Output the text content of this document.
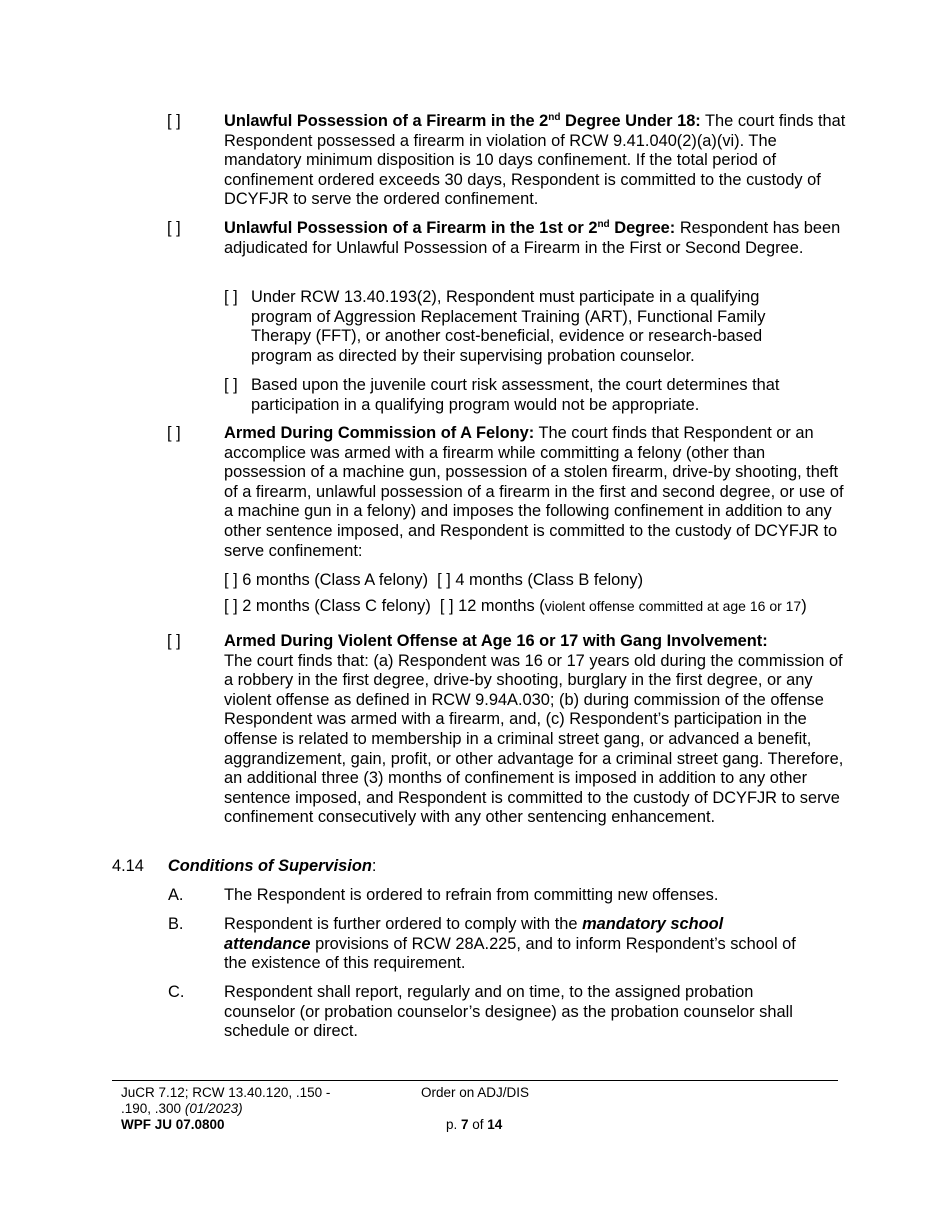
[ ]	Unlawful Possession of a Firearm in the 2nd Degree Under 18: The court finds that Respondent possessed a firearm in violation of RCW 9.41.040(2)(a)(vi). The mandatory minimum disposition is 10 days confinement. If the total period of confinement ordered exceeds 30 days, Respondent is committed to the custody of DCYFJR to serve the ordered confinement.
[ ]	Unlawful Possession of a Firearm in the 1st or 2nd Degree: Respondent has been adjudicated for Unlawful Possession of a Firearm in the First or Second Degree.
[ ] Under RCW 13.40.193(2), Respondent must participate in a qualifying program of Aggression Replacement Training (ART), Functional Family Therapy (FFT), or another cost-beneficial, evidence or research-based program as directed by their supervising probation counselor.
[ ] Based upon the juvenile court risk assessment, the court determines that participation in a qualifying program would not be appropriate.
[ ]	Armed During Commission of A Felony: The court finds that Respondent or an accomplice was armed with a firearm while committing a felony (other than possession of a machine gun, possession of a stolen firearm, drive-by shooting, theft of a firearm, unlawful possession of a firearm in the first and second degree, or use of a machine gun in a felony) and imposes the following confinement in addition to any other sentence imposed, and Respondent is committed to the custody of DCYFJR to serve confinement:
[ ] 6 months (Class A felony) [ ] 4 months (Class B felony)
[ ] 2 months (Class C felony) [ ] 12 months (violent offense committed at age 16 or 17)
[ ]	Armed During Violent Offense at Age 16 or 17 with Gang Involvement:
The court finds that: (a) Respondent was 16 or 17 years old during the commission of a robbery in the first degree, drive-by shooting, burglary in the first degree, or any violent offense as defined in RCW 9.94A.030; (b) during commission of the offense Respondent was armed with a firearm, and, (c) Respondent’s participation in the offense is related to membership in a criminal street gang, or advanced a benefit, aggrandizement, gain, profit, or other advantage for a criminal street gang. Therefore, an additional three (3) months of confinement is imposed in addition to any other sentence imposed, and Respondent is committed to the custody of DCYFJR to serve confinement consecutively with any other sentencing enhancement.
4.14 Conditions of Supervision:
A. The Respondent is ordered to refrain from committing new offenses.
B. Respondent is further ordered to comply with the mandatory school attendance provisions of RCW 28A.225, and to inform Respondent’s school of the existence of this requirement.
C. Respondent shall report, regularly and on time, to the assigned probation counselor (or probation counselor’s designee) as the probation counselor shall schedule or direct.
JuCR 7.12; RCW 13.40.120, .150 - .190, .300 (01/2023)
WPF JU 07.0800
Order on ADJ/DIS
p. 7 of 14
